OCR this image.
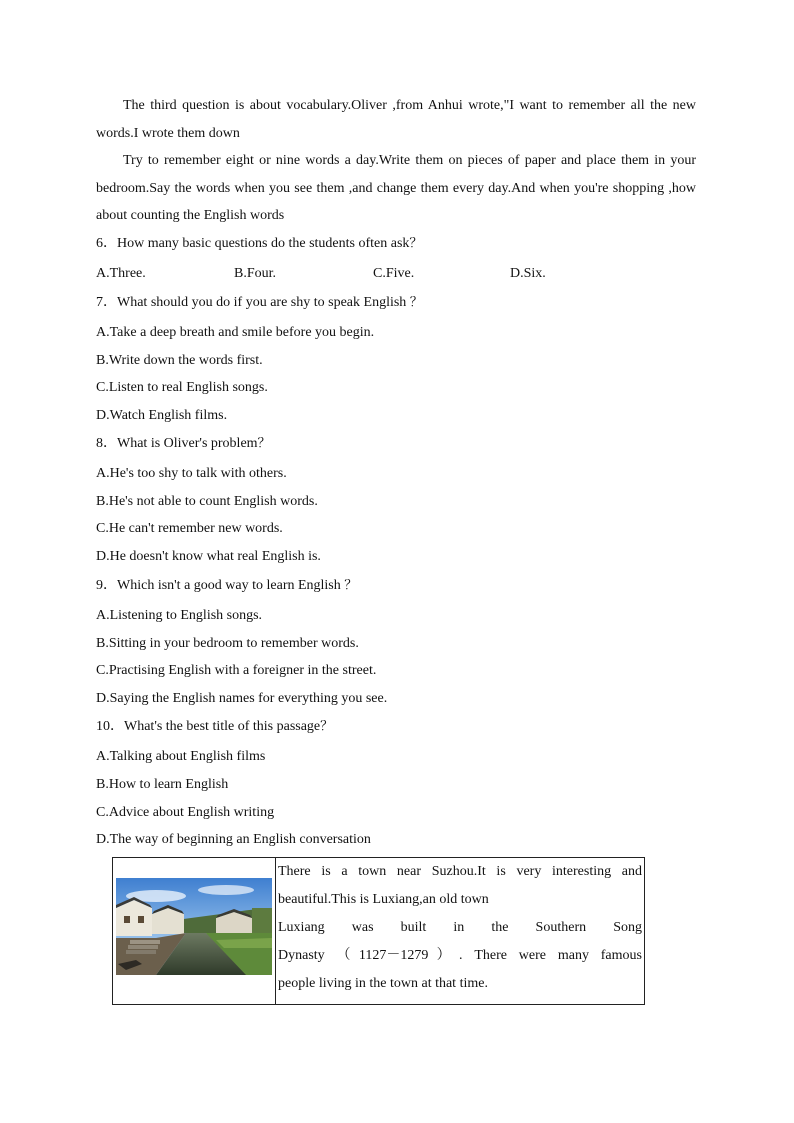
The third question is about vocabulary.Oliver ,from Anhui wrote,"I want to remember all the new words.I wrote them down
Try to remember eight or nine words a day.Write them on pieces of paper and place them in your bedroom.Say the words when you see them ,and change them every day.And when you're shopping ,how about counting the English words
6．How many basic questions do the students often ask？
A.Three.	B.Four.	C.Five.	D.Six.
7．What should you do if you are shy to speak English ？
A.Take a deep breath and smile before you begin.
B.Write down the words first.
C.Listen to real English songs.
D.Watch English films.
8．What is Oliver's problem？
A.He's too shy to talk with others.
B.He's not able to count English words.
C.He can't remember new words.
D.He doesn't know what real English is.
9．Which isn't a good way to learn English ？
A.Listening to English songs.
B.Sitting in your bedroom to remember words.
C.Practising English with a foreigner in the street.
D.Saying the English names for everything you see.
10．What's the best title of this passage？
A.Talking about English films
B.How to learn English
C.Advice about English writing
D.The way of beginning an English conversation

There is a town near Suzhou.It is very interesting and
beautiful.This is Luxiang,an old town
Luxiang was built in the Southern Song
Dynasty （1127－1279）. There were many famous
people living in the town at that time.
